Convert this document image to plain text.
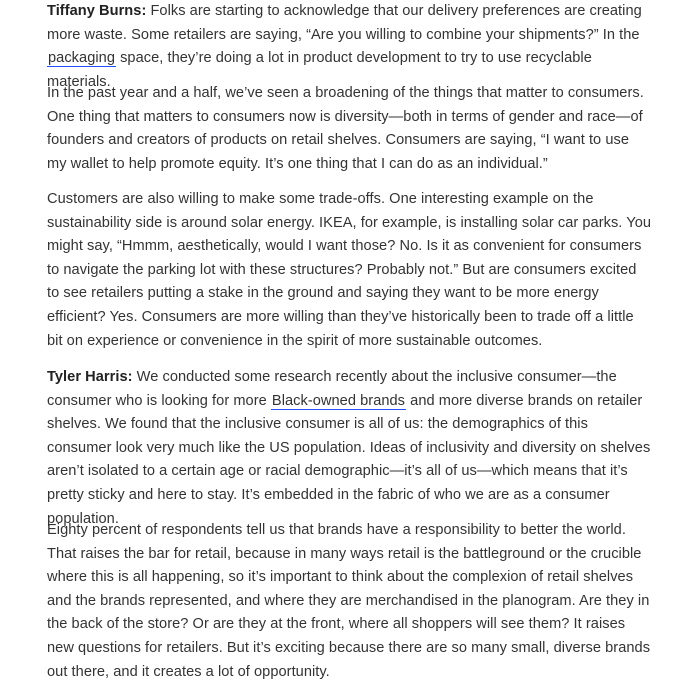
Tiffany Burns: Folks are starting to acknowledge that our delivery preferences are creating more waste. Some retailers are saying, “Are you willing to combine your shipments?” In the packaging space, they’re doing a lot in product development to try to use recyclable materials.

In the past year and a half, we’ve seen a broadening of the things that matter to consumers. One thing that matters to consumers now is diversity—both in terms of gender and race—of founders and creators of products on retail shelves. Consumers are saying, “I want to use my wallet to help promote equity. It’s one thing that I can do as an individual.”

Customers are also willing to make some trade-offs. One interesting example on the sustainability side is around solar energy. IKEA, for example, is installing solar car parks. You might say, “Hmmm, aesthetically, would I want those? No. Is it as convenient for consumers to navigate the parking lot with these structures? Probably not.” But are consumers excited to see retailers putting a stake in the ground and saying they want to be more energy efficient? Yes. Consumers are more willing than they’ve historically been to trade off a little bit on experience or convenience in the spirit of more sustainable outcomes.

Tyler Harris: We conducted some research recently about the inclusive consumer—the consumer who is looking for more Black-owned brands and more diverse brands on retailer shelves. We found that the inclusive consumer is all of us: the demographics of this consumer look very much like the US population. Ideas of inclusivity and diversity on shelves aren’t isolated to a certain age or racial demographic—it’s all of us—which means that it’s pretty sticky and here to stay. It’s embedded in the fabric of who we are as a consumer population.

Eighty percent of respondents tell us that brands have a responsibility to better the world. That raises the bar for retail, because in many ways retail is the battleground or the crucible where this is all happening, so it’s important to think about the complexion of retail shelves and the brands represented, and where they are merchandised in the planogram. Are they in the back of the store? Or are they at the front, where all shoppers will see them? It raises new questions for retailers. But it’s exciting because there are so many small, diverse brands out there, and it creates a lot of opportunity.
